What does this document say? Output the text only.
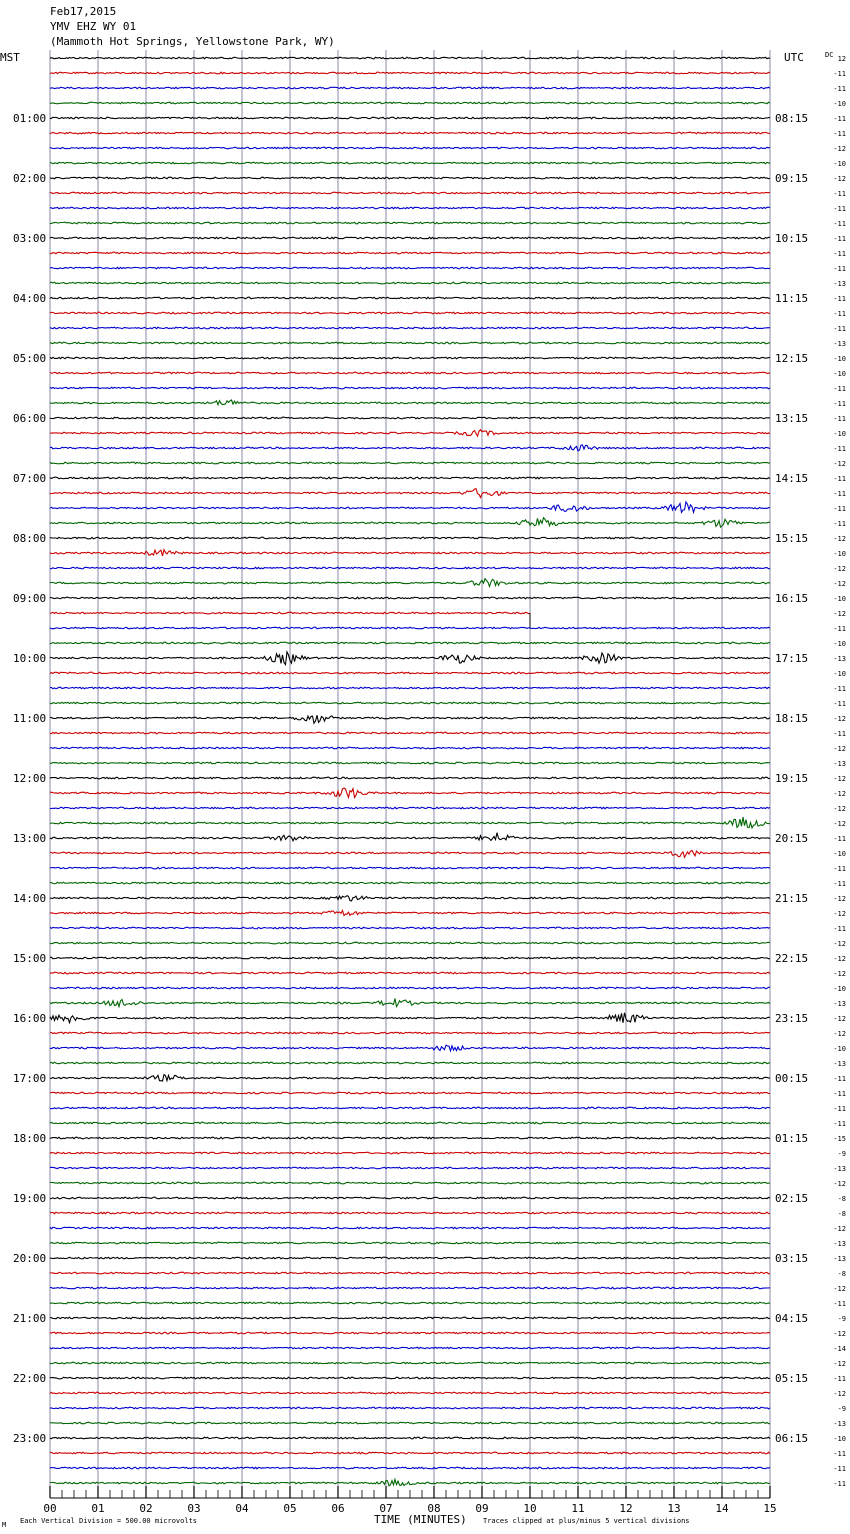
Feb17,2015
YMV EHZ WY 01
(Mammoth Hot Springs, Yellowstone Park, WY)
MST	UTC	DC
01:00
02:00
03:00
04:00
05:00
06:00
07:00
08:00
09:00
10:00
11:00
12:00
13:00
14:00
15:00
16:00
17:00
18:00
19:00
20:00
21:00
22:00
23:00
08:15
09:15
10:15
11:15
12:15
13:15
14:15
15:15
16:15
17:15
18:15
19:15
20:15
21:15
22:15
23:15
00:15
01:15
02:15
03:15
04:15
05:15
06:15
12
-11
-11
-10
-11
-11
-12
-10
-12
-11
-11
-11
-11
-11
-11
-13
-11
-11
-11
-13
-10
-10
-11
-11
-11
-10
-11
-12
-11
-11
-11
-11
-12
-10
-12
-12
-10
-12
-11
-10
-13
-10
-11
-11
-12
-11
-12
-13
-12
-12
-12
-12
-11
-10
-11
-11
-12
-12
-11
-12
-12
-12
-10
-13
-12
-12
-10
-13
-11
-11
-11
-11
-15
-9
-13
-12
-8
-8
-12
-13
-13
-8
-12
-11
-9
-12
-14
-12
-11
-12
-9
-13
-10
-11
-11
-11
00	01	02	03	04	05	06	07	08	09	10	11	12	13	14	15
TIME (MINUTES)
Each Vertical Division = 500.00 microvolts	Traces clipped at plus/minus 5 vertical divisions
M
